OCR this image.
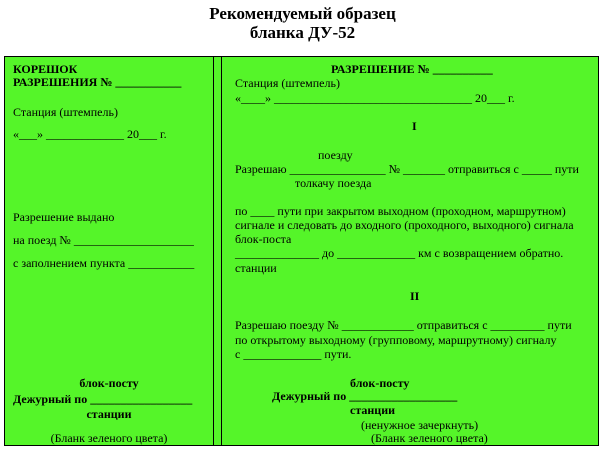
Рекомендуемый образец
бланка ДУ-52
КОРЕШОК
РАЗРЕШЕНИЯ № ___________
Станция (штемпель)
«___» _____________ 20___ г.
Разрешение выдано
на поезд № ____________________
с заполнением пункта ___________
блок-посту
Дежурный по _________________
станции
(Бланк зеленого цвета)
РАЗРЕШЕНИЕ № __________
Станция (штемпель)
«____» _________________________________ 20___ г.
I
поезду
Разрешаю ________________ № _______ отправиться с _____ пути
толкачу поезда
по ____ пути при закрытом выходном (проходном, маршрутном)
сигнале и следовать до входного (проходного, выходного) сигнала
блок-поста
______________ до _____________ км с возвращением обратно.
станции
II
Разрешаю поезду № ____________ отправиться с _________ пути
по открытому выходному (групповому, маршрутному) сигналу
с _____________ пути.
блок-посту
Дежурный по __________________
станции
(ненужное зачеркнуть)
(Бланк зеленого цвета)
